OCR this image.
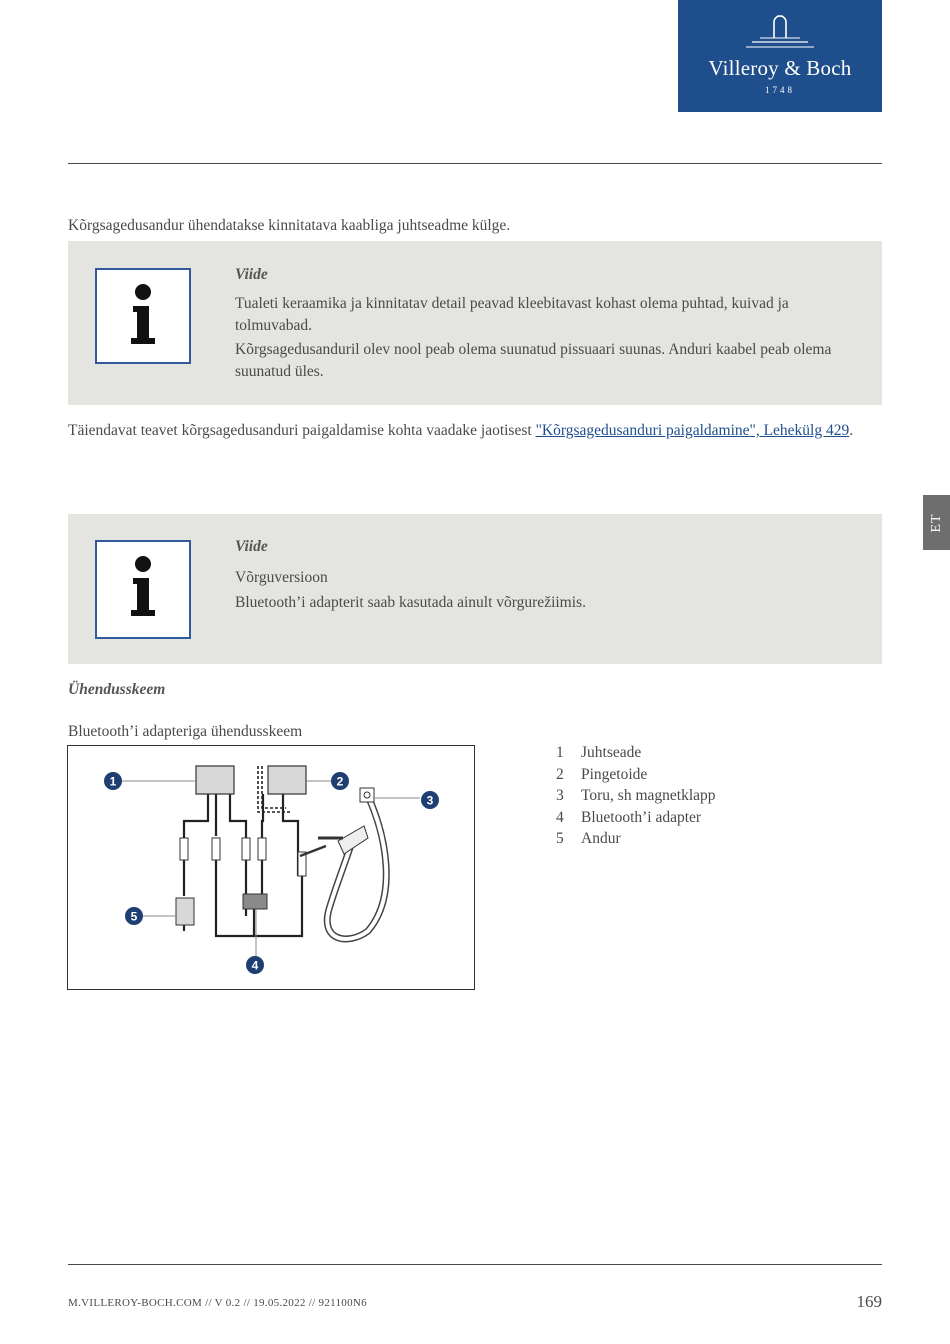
Villeroy & Boch
1748
ET
Kõrgsagedusandur ühendatakse kinnitatava kaabliga juhtseadme külge.
Viide
Tualeti keraamika ja kinnitatav detail peavad kleebitavast kohast olema puhtad, kuivad ja tolmuvabad.
Kõrgsagedusanduril olev nool peab olema suunatud pissuaari suunas. Anduri kaabel peab olema suunatud üles.
Täiendavat teavet kõrgsagedusanduri paigaldamise kohta vaadake jaotisest "Kõrgsagedusanduri paigaldamine", Lehekülg 429.
Viide
Võrguversioon
Bluetooth’i adapterit saab kasutada ainult võrgurežiimis.
Ühendusskeem
Bluetooth’i adapteriga ühendusskeem
1	2
3
4
5
1 Juhtseade
2 Pingetoide
3 Toru, sh magnetklapp
4 Bluetooth’i adapter
5 Andur
M.VILLEROY-BOCH.COM // V 0.2 // 19.05.2022 // 921100N6	169
